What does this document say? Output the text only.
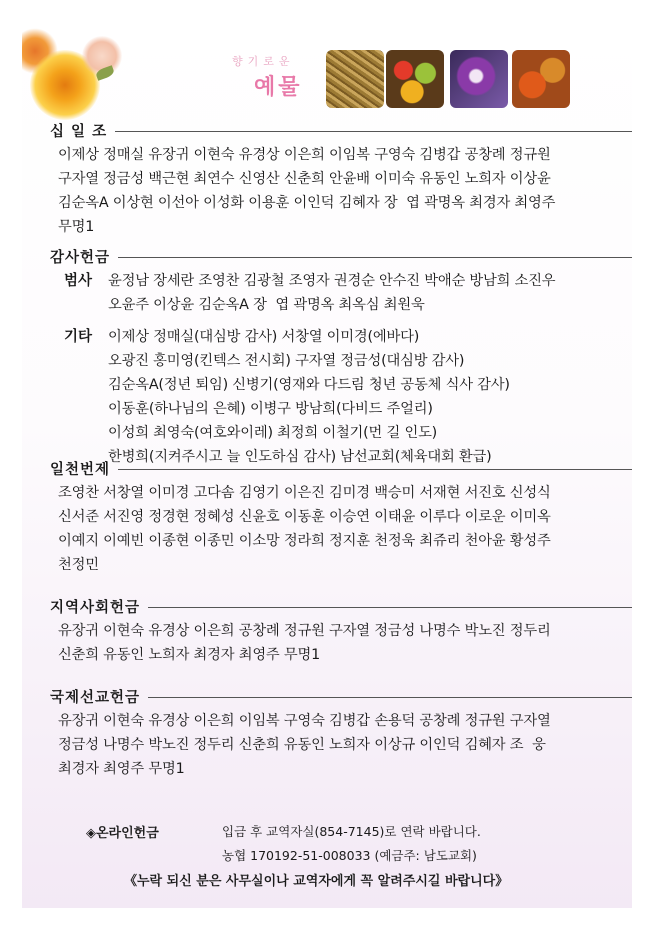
향기로운
예물
십 일 조
이제상 정매실 유장귀 이현숙 유경상 이은희 이임복 구영숙 김병갑 공창례 정규원
구자열 정금성 백근현 최연수 신영산 신춘희 안윤배 이미숙 유동인 노희자 이상윤
김순옥A 이상현 이선아 이성화 이용훈 이인덕 김혜자 장  엽 곽명옥 최경자 최영주
무명1
감사헌금
범사	윤정남 장세란 조영찬 김광철 조영자 권경순 안수진 박애순 방남희 소진우
오윤주 이상윤 김순옥A 장  엽 곽명옥 최옥심 최원욱
기타	이제상 정매실(대심방 감사) 서창열 이미경(에바다)
오광진 홍미영(킨텍스 전시회) 구자열 정금성(대심방 감사)
김순옥A(정년 퇴임) 신병기(영재와 다드림 청년 공동체 식사 감사)
이동훈(하나님의 은혜) 이병구 방남희(다비드 주얼리)
이성희 최영숙(여호와이레) 최정희 이철기(먼 길 인도)
한병희(지켜주시고 늘 인도하심 감사) 남선교회(체육대회 환급)
일천번제
조영찬 서창열 이미경 고다솜 김영기 이은진 김미경 백승미 서재현 서진호 신성식
신서준 서진영 정경현 정혜성 신윤호 이동훈 이승연 이태윤 이루다 이로운 이미옥
이예지 이예빈 이종현 이종민 이소망 정라희 정지훈 천정욱 최쥬리 천아윤 황성주
천정민
지역사회헌금
유장귀 이현숙 유경상 이은희 공창례 정규원 구자열 정금성 나명수 박노진 정두리
신춘희 유동인 노희자 최경자 최영주 무명1
국제선교헌금
유장귀 이현숙 유경상 이은희 이임복 구영숙 김병갑 손용덕 공창례 정규원 구자열
정금성 나명수 박노진 정두리 신춘희 유동인 노희자 이상규 이인덕 김혜자 조  웅
최경자 최영주 무명1
◈온라인헌금	입금 후 교역자실(854-7145)로 연락 바랍니다.
농협 170192-51-008033 (예금주: 남도교회)
《누락 되신 분은 사무실이나 교역자에게 꼭 알려주시길 바랍니다》
